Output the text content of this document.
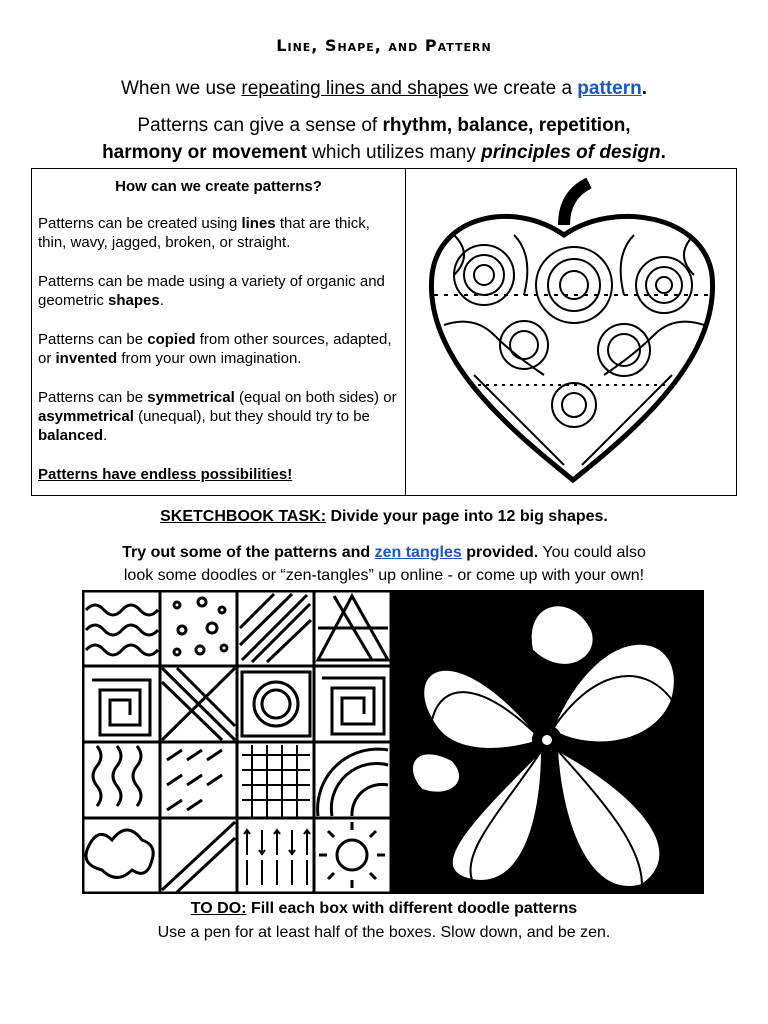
Line, Shape, and Pattern
When we use repeating lines and shapes we create a pattern.
Patterns can give a sense of rhythm, balance, repetition,
harmony or movement which utilizes many principles of design.
How can we create patterns?

Patterns can be created using lines that are thick, thin, wavy, jagged, broken, or straight.

Patterns can be made using a variety of organic and geometric shapes.

Patterns can be copied from other sources, adapted, or invented from your own imagination.

Patterns can be symmetrical (equal on both sides) or asymmetrical (unequal), but they should try to be balanced.

Patterns have endless possibilities!
SKETCHBOOK TASK: Divide your page into 12 big shapes.
Try out some of the patterns and zen tangles provided. You could also
look some doodles or “zen-tangles” up online - or come up with your own!
TO DO: Fill each box with different doodle patterns
Use a pen for at least half of the boxes. Slow down, and be zen.
